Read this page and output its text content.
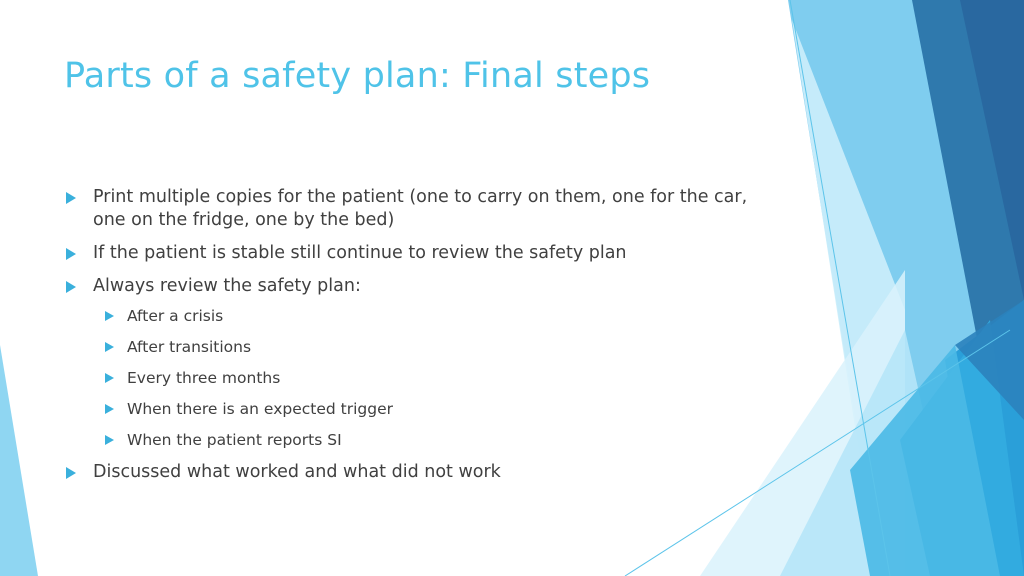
Parts of a safety plan: Final steps
Print multiple copies for the patient (one to carry on them, one for the car, one on the fridge, one by the bed)
If the patient is stable still continue to review the safety plan
Always review the safety plan:
After a crisis
After transitions
Every three months
When there is an expected trigger
When the patient reports SI
Discussed what worked and what did not work
